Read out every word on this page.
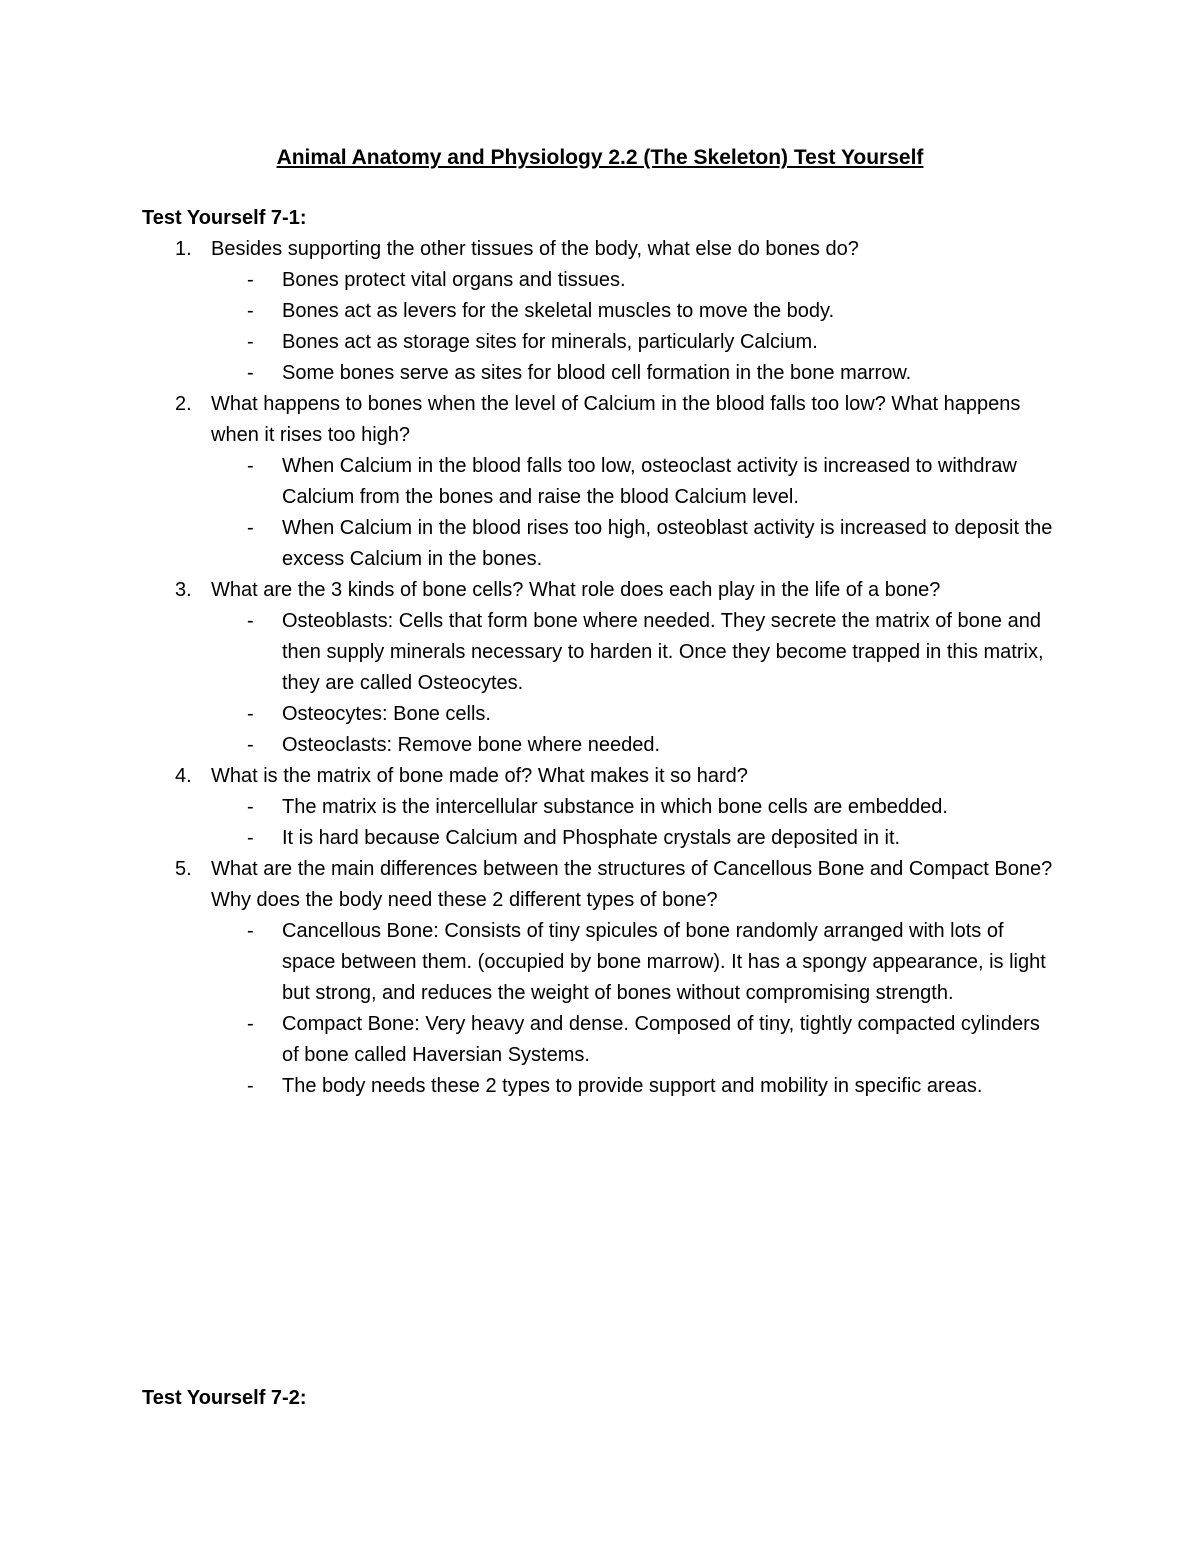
Animal Anatomy and Physiology 2.2 (The Skeleton) Test Yourself
Test Yourself 7-1:
1. Besides supporting the other tissues of the body, what else do bones do?
- Bones protect vital organs and tissues.
- Bones act as levers for the skeletal muscles to move the body.
- Bones act as storage sites for minerals, particularly Calcium.
- Some bones serve as sites for blood cell formation in the bone marrow.
2. What happens to bones when the level of Calcium in the blood falls too low? What happens when it rises too high?
- When Calcium in the blood falls too low, osteoclast activity is increased to withdraw Calcium from the bones and raise the blood Calcium level.
- When Calcium in the blood rises too high, osteoblast activity is increased to deposit the excess Calcium in the bones.
3. What are the 3 kinds of bone cells? What role does each play in the life of a bone?
- Osteoblasts: Cells that form bone where needed. They secrete the matrix of bone and then supply minerals necessary to harden it. Once they become trapped in this matrix, they are called Osteocytes.
- Osteocytes: Bone cells.
- Osteoclasts: Remove bone where needed.
4. What is the matrix of bone made of? What makes it so hard?
- The matrix is the intercellular substance in which bone cells are embedded.
- It is hard because Calcium and Phosphate crystals are deposited in it.
5. What are the main differences between the structures of Cancellous Bone and Compact Bone? Why does the body need these 2 different types of bone?
- Cancellous Bone: Consists of tiny spicules of bone randomly arranged with lots of space between them. (occupied by bone marrow). It has a spongy appearance, is light but strong, and reduces the weight of bones without compromising strength.
- Compact Bone: Very heavy and dense. Composed of tiny, tightly compacted cylinders of bone called Haversian Systems.
- The body needs these 2 types to provide support and mobility in specific areas.
Test Yourself 7-2:
